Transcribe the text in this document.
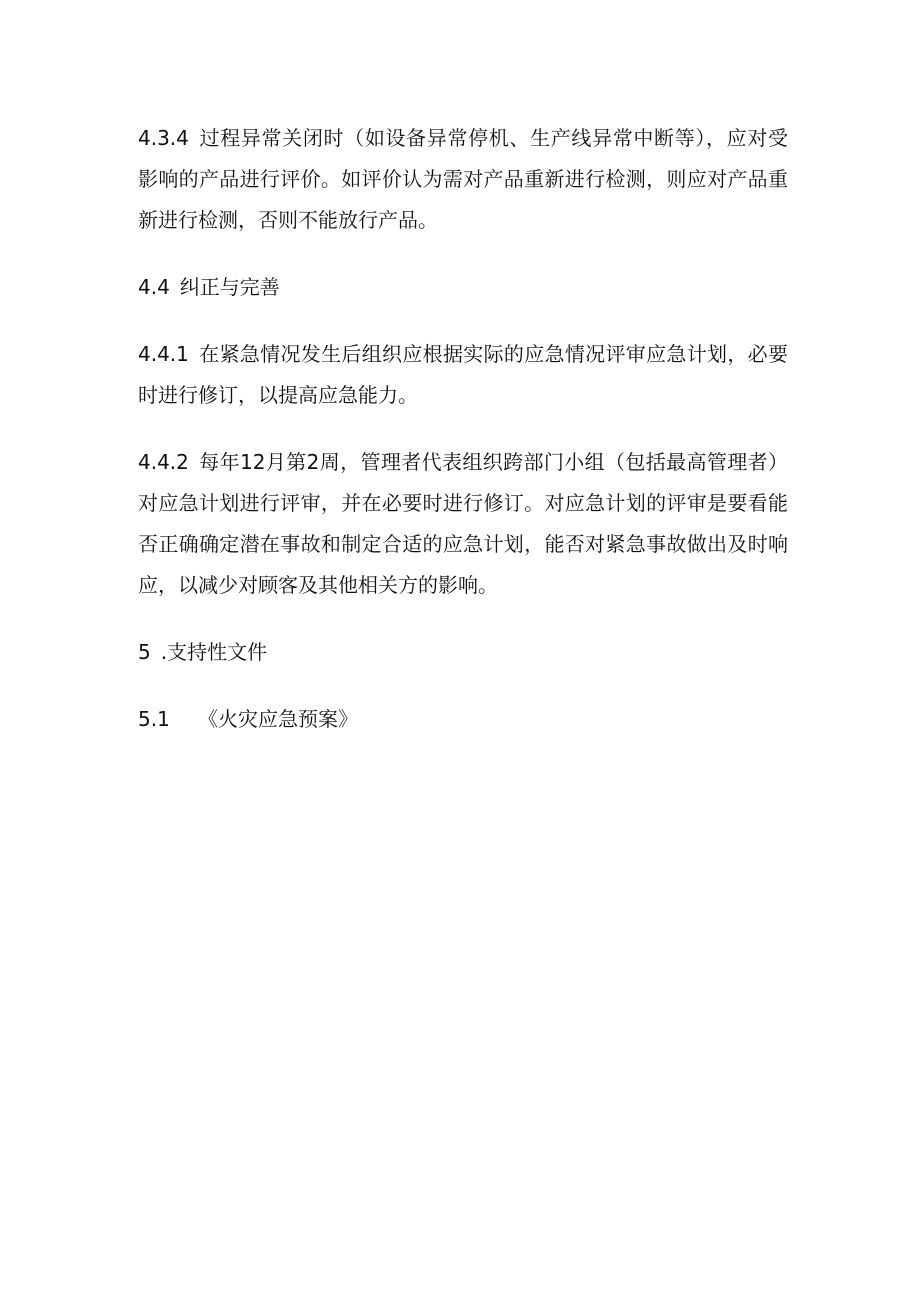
4.3.4 过程异常关闭时（如设备异常停机、生产线异常中断等），应对受影响的产品进行评价。如评价认为需对产品重新进行检测，则应对产品重新进行检测，否则不能放行产品。

4.4 纠正与完善

4.4.1 在紧急情况发生后组织应根据实际的应急情况评审应急计划，必要时进行修订，以提高应急能力。

4.4.2 每年12月第2周，管理者代表组织跨部门小组（包括最高管理者）对应急计划进行评审，并在必要时进行修订。对应急计划的评审是要看能否正确确定潜在事故和制定合适的应急计划，能否对紧急事故做出及时响应，以减少对顾客及其他相关方的影响。

5 .支持性文件

5.1 《火灾应急预案》
